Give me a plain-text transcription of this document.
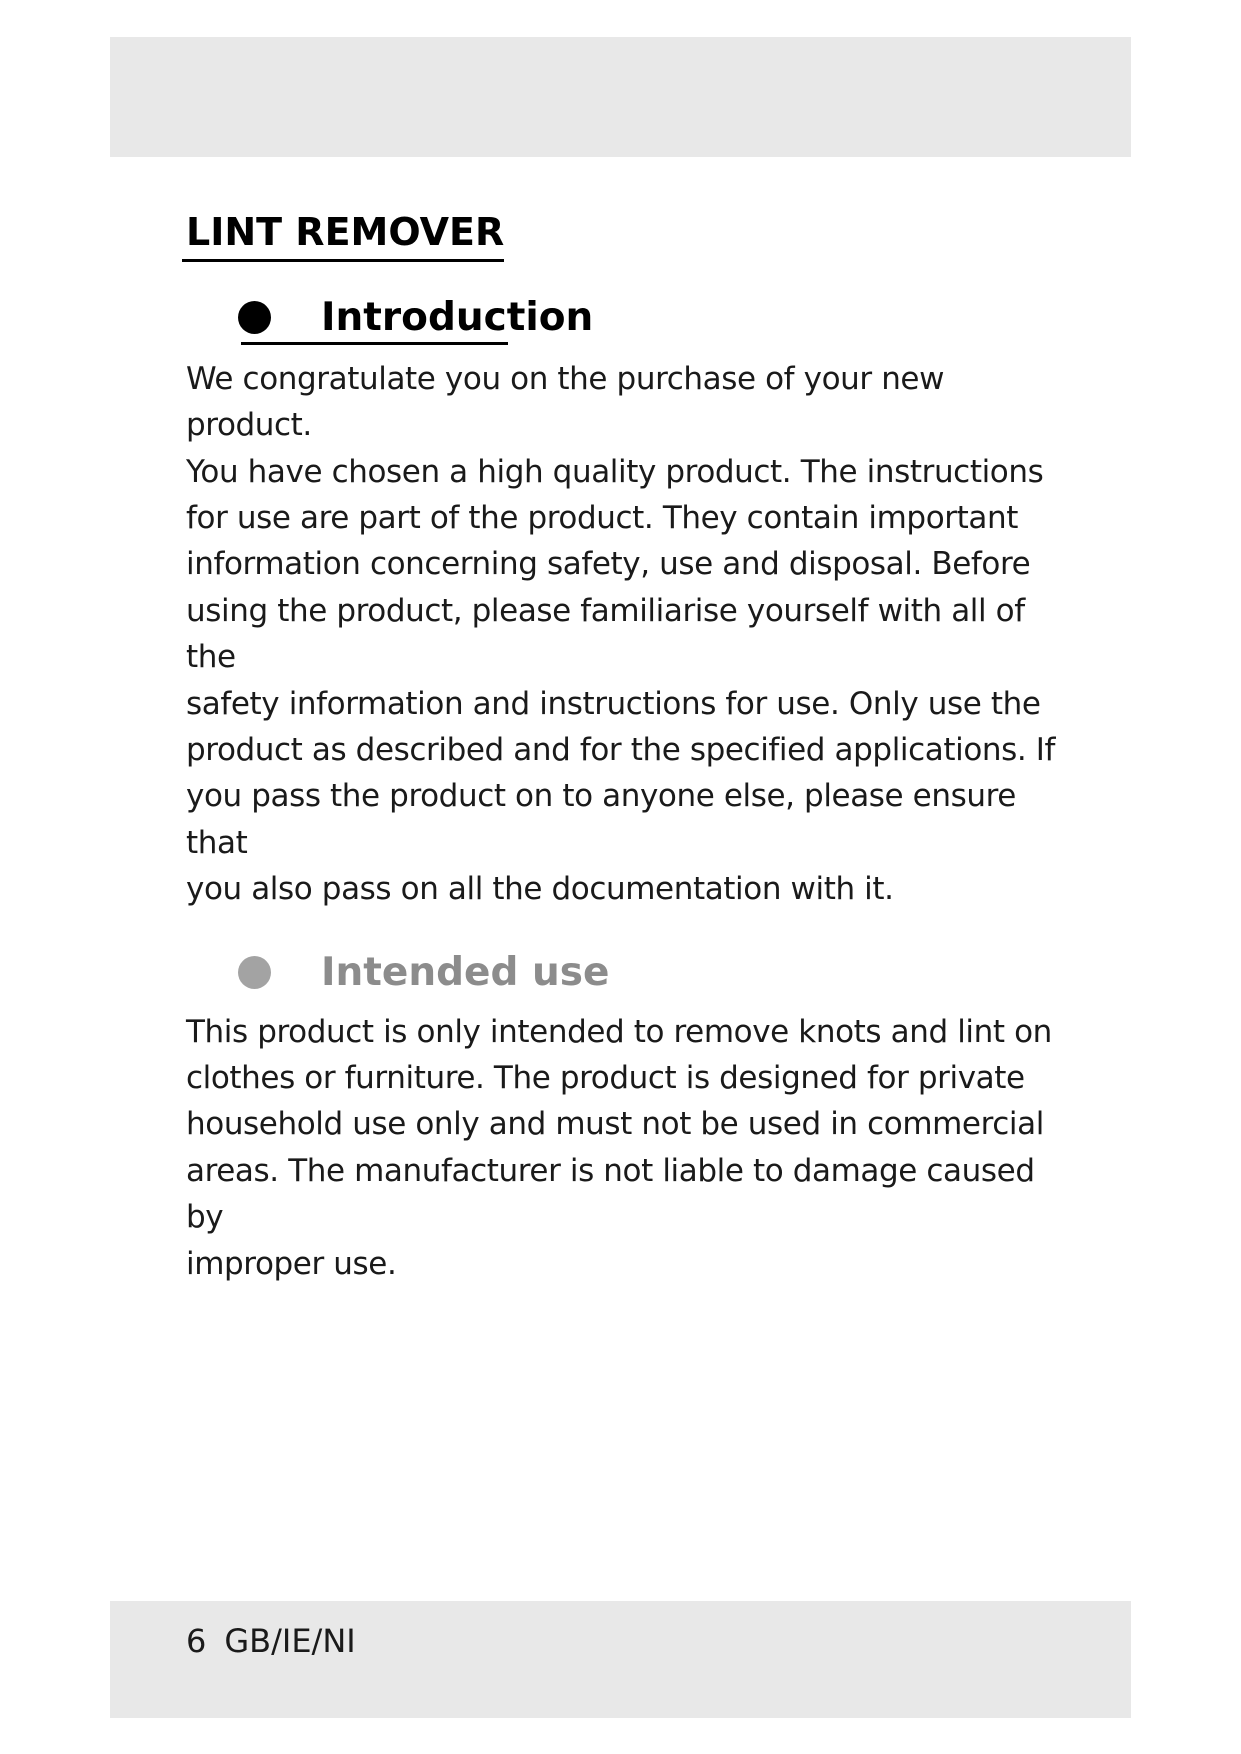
LINT REMOVER
Introduction

We congratulate you on the purchase of your new product.
You have chosen a high quality product. The instructions
for use are part of the product. They contain important
information concerning safety, use and disposal. Before
using the product, please familiarise yourself with all of the
safety information and instructions for use. Only use the
product as described and for the specified applications. If
you pass the product on to anyone else, please ensure that
you also pass on all the documentation with it.

Intended use

This product is only intended to remove knots and lint on
clothes or furniture. The product is designed for private
household use only and must not be used in commercial
areas. The manufacturer is not liable to damage caused by
improper use.

6 GB/IE/NI
